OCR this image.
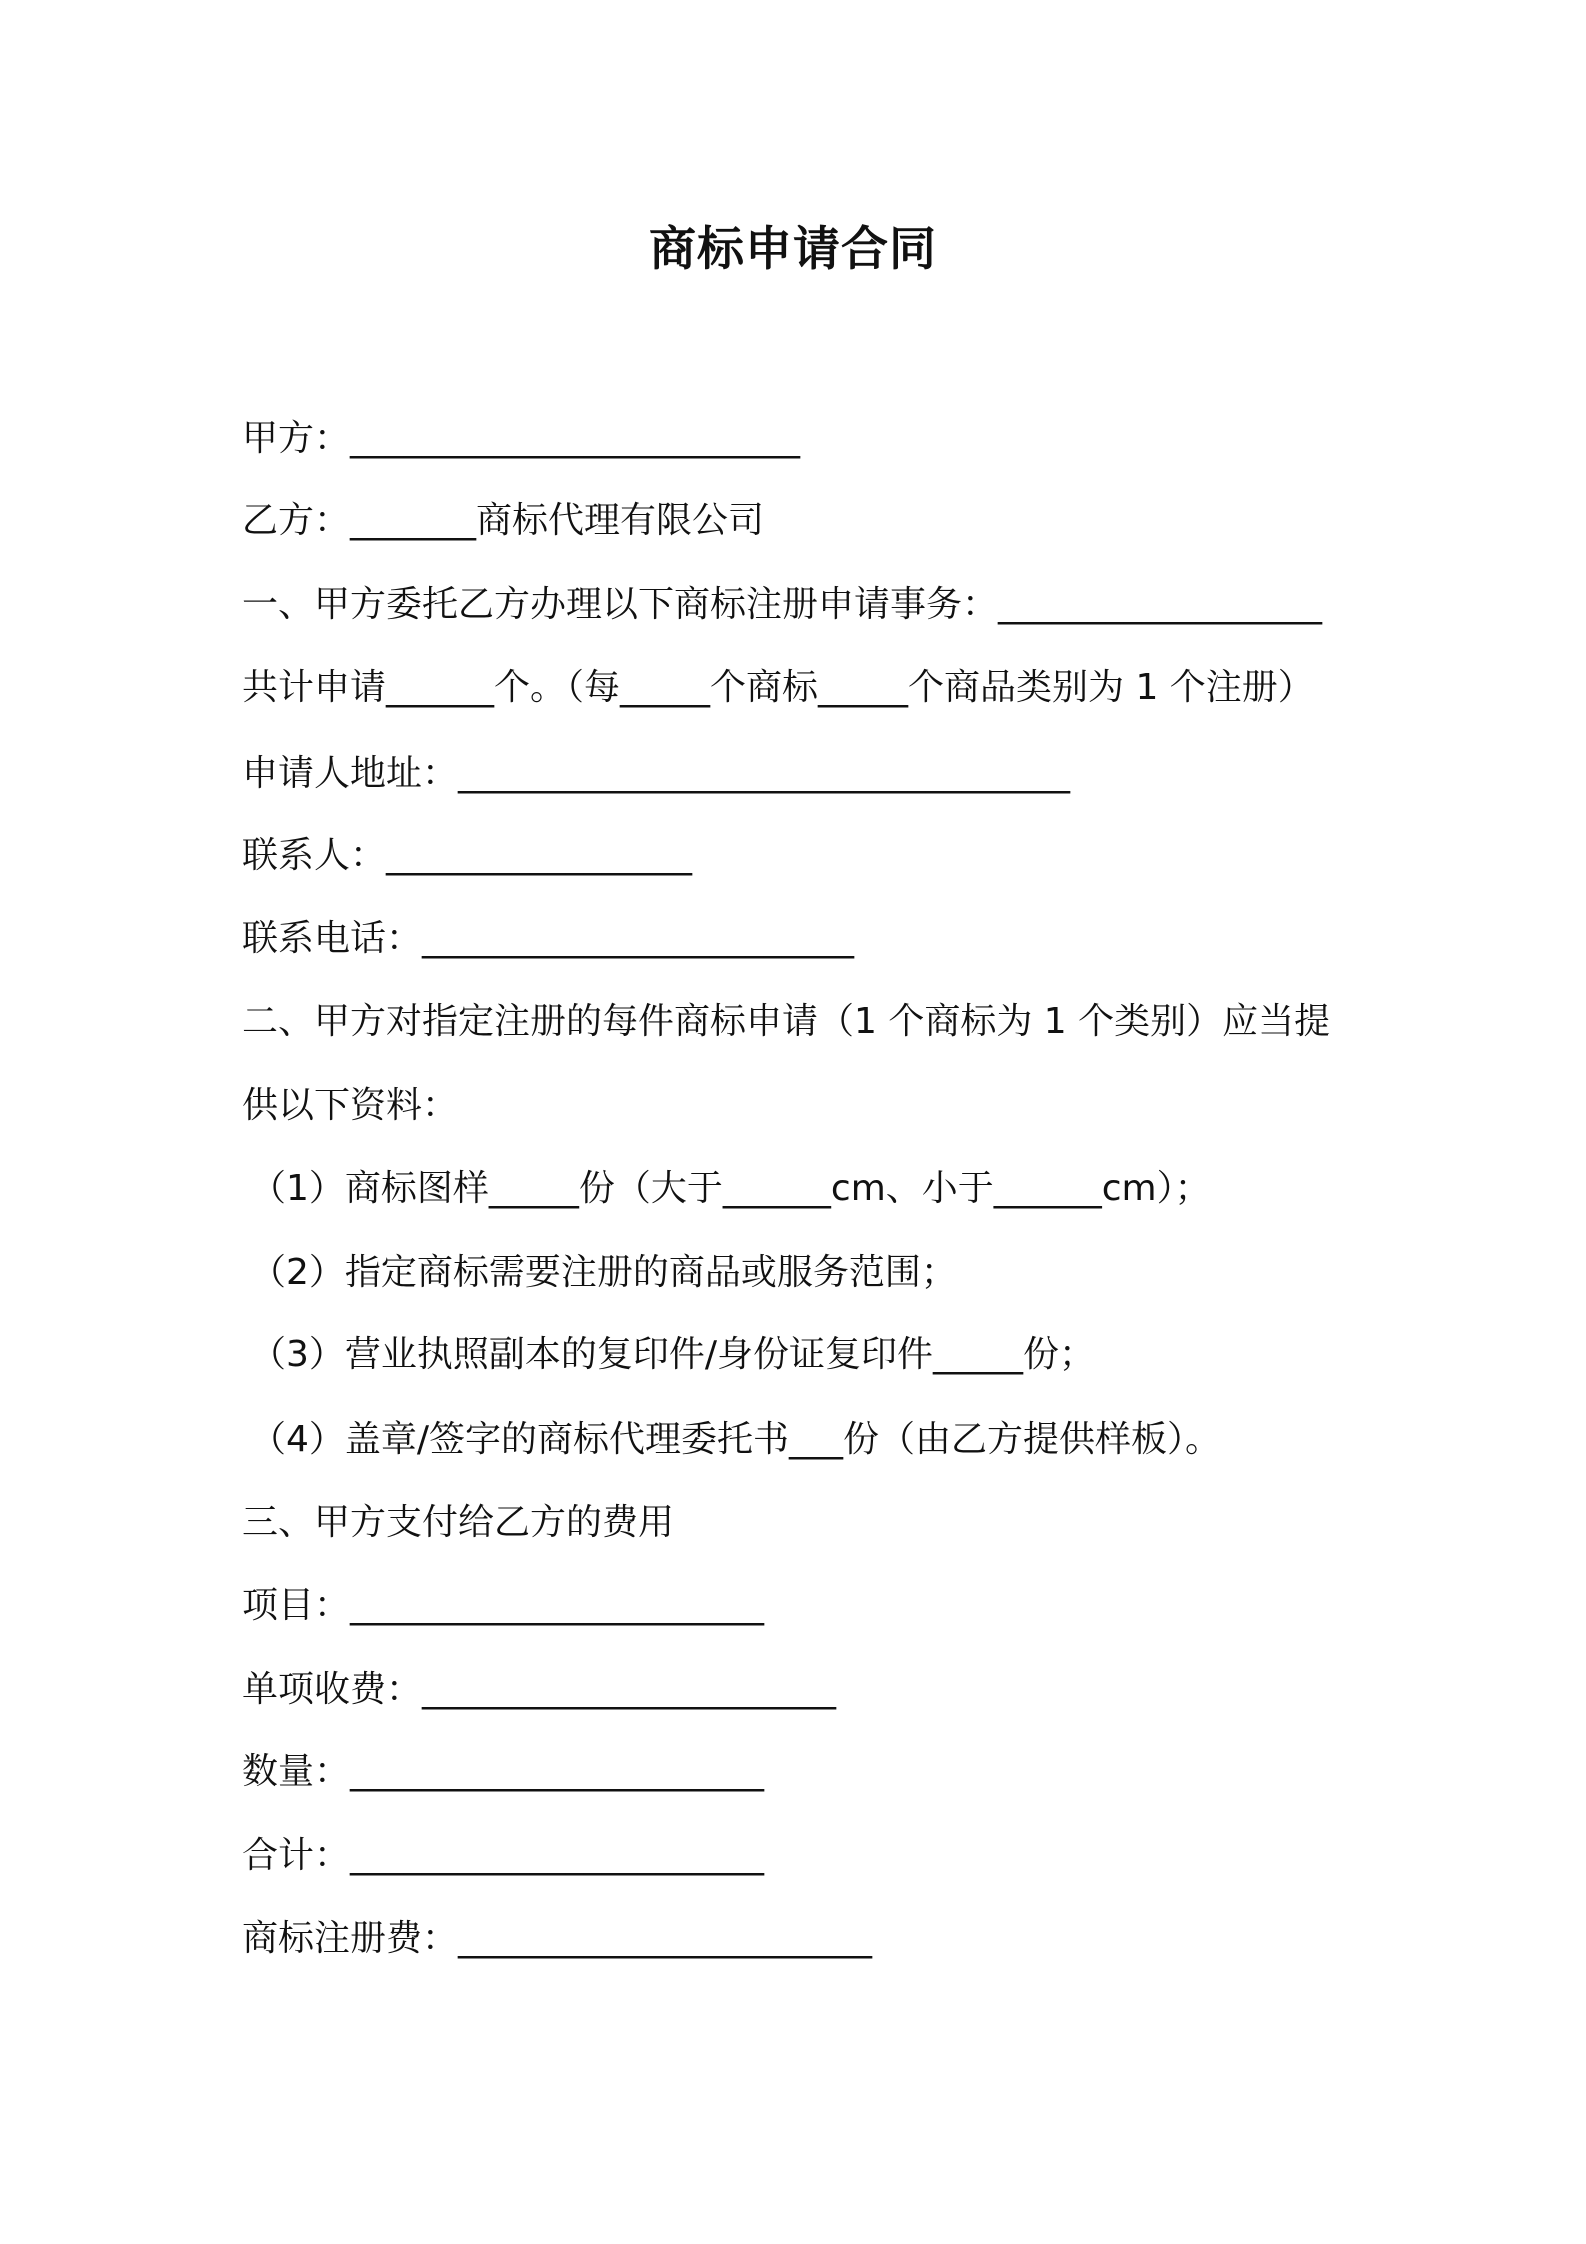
商标申请合同

甲方：_________________________

乙方：_______商标代理有限公司

一、甲方委托乙方办理以下商标注册申请事务：__________________

共计申请______个。（每_____个商标_____个商品类别为 1 个注册）

申请人地址：__________________________________

联系人：_________________

联系电话：________________________

二、甲方对指定注册的每件商标申请（1 个商标为 1 个类别）应当提

供以下资料：

（1）商标图样_____份（大于______cm、小于______cm）；

（2）指定商标需要注册的商品或服务范围；

（3）营业执照副本的复印件/身份证复印件_____份；

（4）盖章/签字的商标代理委托书___份（由乙方提供样板）。

三、甲方支付给乙方的费用

项目：_______________________

单项收费：_______________________

数量：_______________________

合计：_______________________

商标注册费：_______________________
